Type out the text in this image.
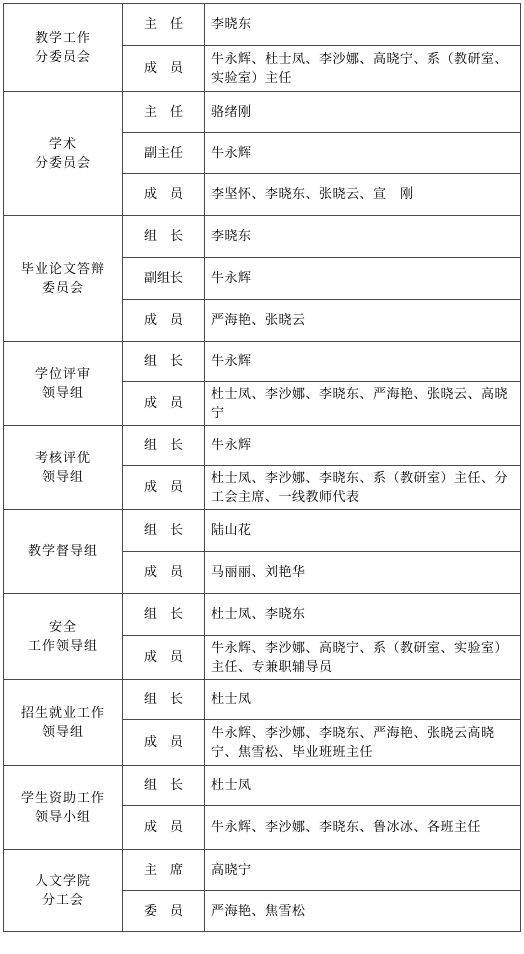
教学工作
分委员会	主　任	李晓东
	成　员	牛永辉、杜士凤、李沙娜、高晓宁、系（教研室、实验室）主任

学术
分委员会	主　任	骆绪刚
	副主任	牛永辉
	成　员	李坚怀、李晓东、张晓云、宣　刚

毕业论文答辩
委员会	组　长	李晓东
	副组长	牛永辉
	成　员	严海艳、张晓云

学位评审
领导组	组　长	牛永辉
	成　员	杜士凤、李沙娜、李晓东、严海艳、张晓云、高晓宁

考核评优
领导组	组　长	牛永辉
	成　员	杜士凤、李沙娜、李晓东、系（教研室）主任、分工会主席、一线教师代表

教学督导组	组　长	陆山花
	成　员	马丽丽、刘艳华

安全
工作领导组	组　长	杜士凤、李晓东
	成　员	牛永辉、李沙娜、高晓宁、系（教研室、实验室）主任、专兼职辅导员

招生就业工作
领导组	组　长	杜士凤
	成　员	牛永辉、李沙娜、李晓东、严海艳、张晓云高晓宁、焦雪松、毕业班班主任

学生资助工作
领导小组	组　长	杜士凤
	成　员	牛永辉、李沙娜、李晓东、鲁冰冰、各班主任

人文学院
分工会	主　席	高晓宁
	委　员	严海艳、焦雪松
